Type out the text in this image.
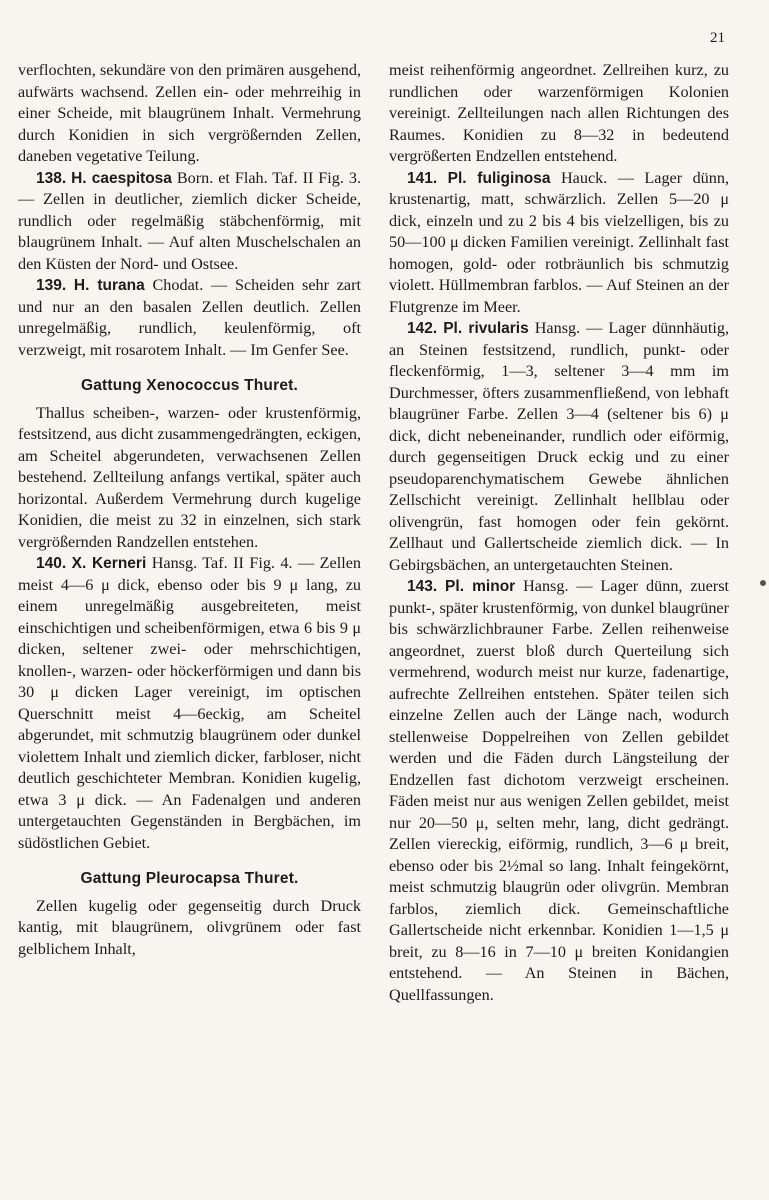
21

verflochten, sekundäre von den primären ausgehend, aufwärts wachsend. Zellen ein- oder mehrreihig in einer Scheide, mit blaugrünem Inhalt. Vermehrung durch Konidien in sich vergrößernden Zellen, daneben vegetative Teilung.

138. H. caespitosa Born. et Flah. Taf. II Fig. 3. — Zellen in deutlicher, ziemlich dicker Scheide, rundlich oder regelmäßig stäbchenförmig, mit blaugrünem Inhalt. — Auf alten Muschelschalen an den Küsten der Nord- und Ostsee.

139. H. turana Chodat. — Scheiden sehr zart und nur an den basalen Zellen deutlich. Zellen unregelmäßig, rundlich, keulenförmig, oft verzweigt, mit rosarotem Inhalt. — Im Genfer See.

Gattung Xenococcus Thuret.

Thallus scheiben-, warzen- oder krustenförmig, festsitzend, aus dicht zusammengedrängten, eckigen, am Scheitel abgerundeten, verwachsenen Zellen bestehend. Zellteilung anfangs vertikal, später auch horizontal. Außerdem Vermehrung durch kugelige Konidien, die meist zu 32 in einzelnen, sich stark vergrößernden Randzellen entstehen.

140. X. Kerneri Hansg. Taf. II Fig. 4. — Zellen meist 4—6 μ dick, ebenso oder bis 9 μ lang, zu einem unregelmäßig ausgebreiteten, meist einschichtigen und scheibenförmigen, etwa 6 bis 9 μ dicken, seltener zwei- oder mehrschichtigen, knollen-, warzen- oder höckerförmigen und dann bis 30 μ dicken Lager vereinigt, im optischen Querschnitt meist 4—6eckig, am Scheitel abgerundet, mit schmutzig blaugrünem oder dunkel violettem Inhalt und ziemlich dicker, farbloser, nicht deutlich geschichteter Membran. Konidien kugelig, etwa 3 μ dick. — An Fadenalgen und anderen untergetauchten Gegenständen in Bergbächen, im südöstlichen Gebiet.

Gattung Pleurocapsa Thuret.

Zellen kugelig oder gegenseitig durch Druck kantig, mit blaugrünem, olivgrünem oder fast gelblichem Inhalt,

meist reihenförmig angeordnet. Zellreihen kurz, zu rundlichen oder warzenförmigen Kolonien vereinigt. Zellteilungen nach allen Richtungen des Raumes. Konidien zu 8—32 in bedeutend vergrößerten Endzellen entstehend.

141. Pl. fuliginosa Hauck. — Lager dünn, krustenartig, matt, schwärzlich. Zellen 5—20 μ dick, einzeln und zu 2 bis 4 bis vielzelligen, bis zu 50—100 μ dicken Familien vereinigt. Zellinhalt fast homogen, gold- oder rotbräunlich bis schmutzig violett. Hüllmembran farblos. — Auf Steinen an der Flutgrenze im Meer.

142. Pl. rivularis Hansg. — Lager dünnhäutig, an Steinen festsitzend, rundlich, punkt- oder fleckenförmig, 1—3, seltener 3—4 mm im Durchmesser, öfters zusammenfließend, von lebhaft blaugrüner Farbe. Zellen 3—4 (seltener bis 6) μ dick, dicht nebeneinander, rundlich oder eiförmig, durch gegenseitigen Druck eckig und zu einer pseudoparenchymatischem Gewebe ähnlichen Zellschicht vereinigt. Zellinhalt hellblau oder olivengrün, fast homogen oder fein gekörnt. Zellhaut und Gallertscheide ziemlich dick. — In Gebirgsbächen, an untergetauchten Steinen.

143. Pl. minor Hansg. — Lager dünn, zuerst punkt-, später krustenförmig, von dunkel blaugrüner bis schwärzlichbrauner Farbe. Zellen reihenweise angeordnet, zuerst bloß durch Querteilung sich vermehrend, wodurch meist nur kurze, fadenartige, aufrechte Zellreihen entstehen. Später teilen sich einzelne Zellen auch der Länge nach, wodurch stellenweise Doppelreihen von Zellen gebildet werden und die Fäden durch Längsteilung der Endzellen fast dichotom verzweigt erscheinen. Fäden meist nur aus wenigen Zellen gebildet, meist nur 20—50 μ, selten mehr, lang, dicht gedrängt. Zellen viereckig, eiförmig, rundlich, 3—6 μ breit, ebenso oder bis 2½mal so lang. Inhalt feingekörnt, meist schmutzig blaugrün oder olivgrün. Membran farblos, ziemlich dick. Gemeinschaftliche Gallertscheide nicht erkennbar. Konidien 1—1,5 μ breit, zu 8—16 in 7—10 μ breiten Konidangien entstehend. — An Steinen in Bächen, Quellfassungen.
